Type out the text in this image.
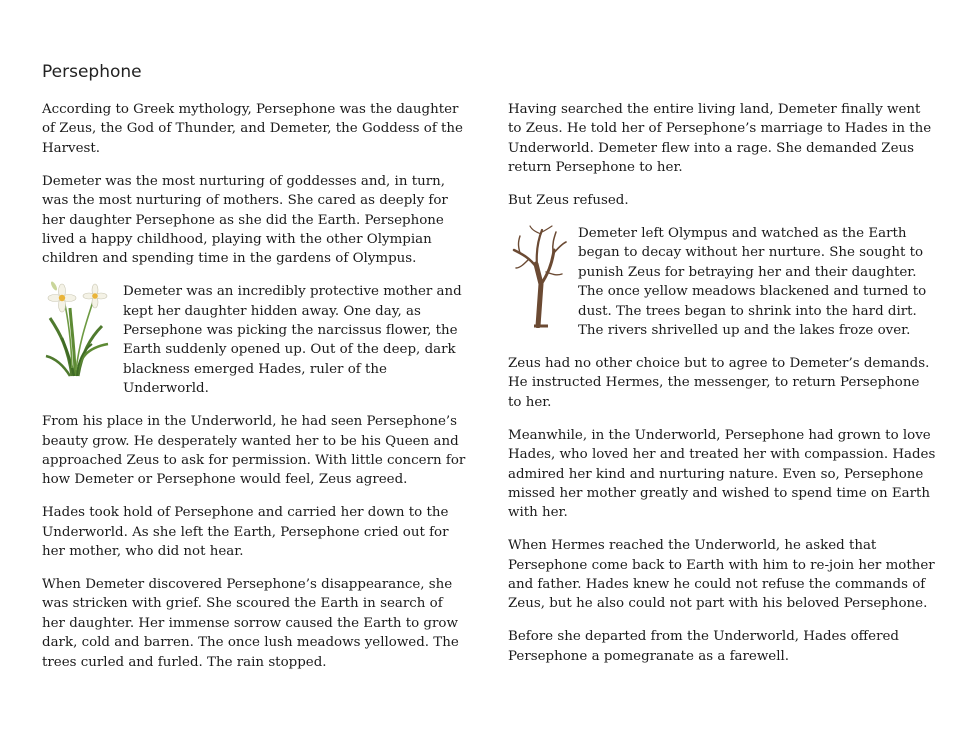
Persephone

According to Greek mythology, Persephone was the daughter of Zeus, the God of Thunder, and Demeter, the Goddess of the Harvest.

Demeter was the most nurturing of goddesses and, in turn, was the most nurturing of mothers. She cared as deeply for her daughter Persephone as she did the Earth. Persephone lived a happy childhood, playing with the other Olympian children and spending time in the gardens of Olympus.

Demeter was an incredibly protective mother and kept her daughter hidden away. One day, as Persephone was picking the narcissus flower, the Earth suddenly opened up. Out of the deep, dark blackness emerged Hades, ruler of the Underworld.

From his place in the Underworld, he had seen Persephone’s beauty grow. He desperately wanted her to be his Queen and approached Zeus to ask for permission. With little concern for how Demeter or Persephone would feel, Zeus agreed.

Hades took hold of Persephone and carried her down to the Underworld. As she left the Earth, Persephone cried out for her mother, who did not hear.

When Demeter discovered Persephone’s disappearance, she was stricken with grief. She scoured the Earth in search of her daughter. Her immense sorrow caused the Earth to grow dark, cold and barren. The once lush meadows yellowed. The trees curled and furled. The rain stopped.

Having searched the entire living land, Demeter finally went to Zeus. He told her of Persephone’s marriage to Hades in the Underworld. Demeter flew into a rage. She demanded Zeus return Persephone to her.

But Zeus refused.

Demeter left Olympus and watched as the Earth began to decay without her nurture. She sought to punish Zeus for betraying her and their daughter. The once yellow meadows blackened and turned to dust. The trees began to shrink into the hard dirt. The rivers shrivelled up and the lakes froze over.

Zeus had no other choice but to agree to Demeter’s demands. He instructed Hermes, the messenger, to return Persephone to her.

Meanwhile, in the Underworld, Persephone had grown to love Hades, who loved her and treated her with compassion. Hades admired her kind and nurturing nature. Even so, Persephone missed her mother greatly and wished to spend time on Earth with her.

When Hermes reached the Underworld, he asked that Persephone come back to Earth with him to re-join her mother and father. Hades knew he could not refuse the commands of Zeus, but he also could not part with his beloved Persephone.

Before she departed from the Underworld, Hades offered Persephone a pomegranate as a farewell.
